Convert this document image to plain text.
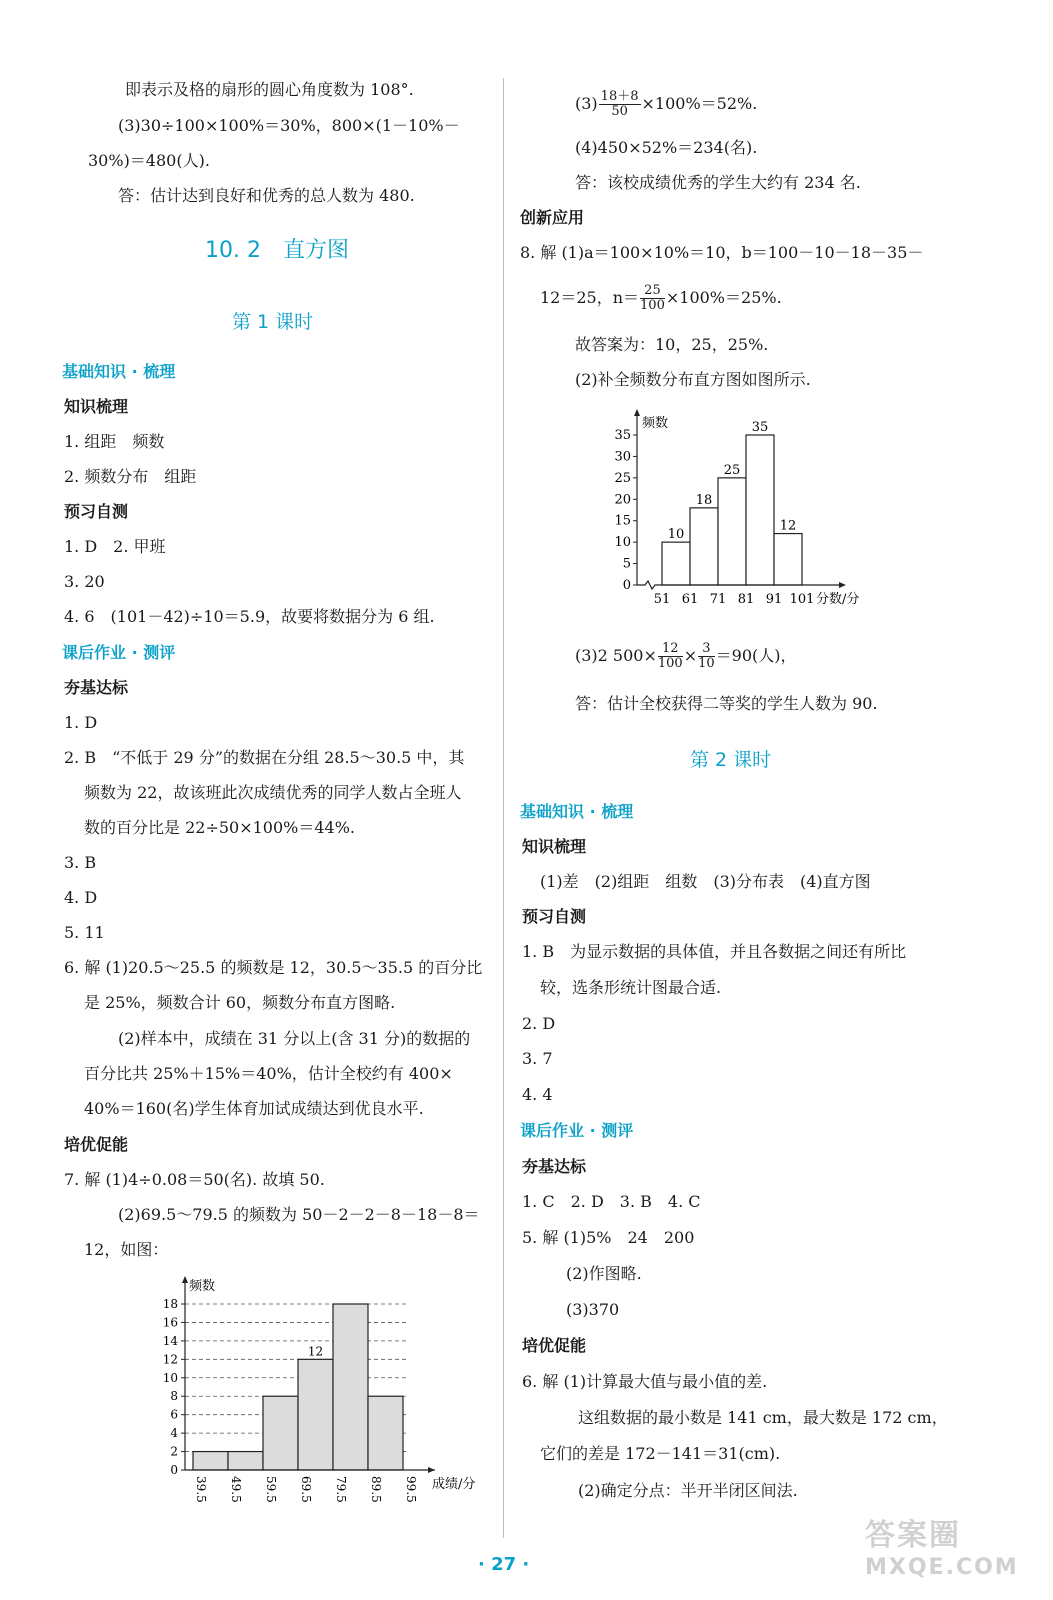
即表示及格的扇形的圆心角度数为 108°.
(3)30÷100×100%＝30%，800×(1－10%－
30%)＝480(人).
答：估计达到良好和优秀的总人数为 480.
10. 2　直方图
第 1 课时
基础知识 · 梳理
知识梳理
1. 组距　频数
2. 频数分布　组距
预习自测
1. D　2. 甲班
3. 20
4. 6　(101－42)÷10＝5.9，故要将数据分为 6 组.
课后作业 · 测评
夯基达标
1. D
2. B　“不低于 29 分”的数据在分组 28.5～30.5 中，其
频数为 22，故该班此次成绩优秀的同学人数占全班人
数的百分比是 22÷50×100%＝44%.
3. B
4. D
5. 11
6. 解 (1)20.5～25.5 的频数是 12，30.5～35.5 的百分比
是 25%，频数合计 60，频数分布直方图略.
(2)样本中，成绩在 31 分以上(含 31 分)的数据的
百分比共 25%＋15%＝40%，估计全校约有 400×
40%＝160(名)学生体育加试成绩达到优良水平.
培优促能
7. 解 (1)4÷0.08＝50(名). 故填 50.
(2)69.5～79.5 的频数为 50－2－2－8－18－8＝
12，如图：
0
2
4
6
8
10
12
14
16
18
12
频数
成绩/分
39.5 49.5 59.5 69.5 79.5 89.5 99.5
$(3) \frac{18+8}{50} \times 100\%=52\%$.
(4)450×52%＝234(名).
答：该校成绩优秀的学生大约有 234 名.
创新应用
8. 解 (1)a＝100×10%＝10，b＝100－10－18－35－
12＝25，$n= \frac{25}{100} \times 100\%=25\%$.
故答案为：10，25，25%.
(2)补全频数分布直方图如图所示.
0
5
10
15
20
25
30
35
10
18
25
35
12
51 61 71 81 91 101
频数
分数/分
(3)2 $500\times \frac{12}{100} \times \frac{3}{10} =90$(人)，
答：估计全校获得二等奖的学生人数为 90.
第 2 课时
基础知识 · 梳理
知识梳理
(1)差　(2)组距　组数　(3)分布表　(4)直方图
预习自测
1. B　为显示数据的具体值，并且各数据之间还有所比
较，选条形统计图最合适.
2. D
3. 7
4. 4
课后作业 · 测评
夯基达标
1. C　2. D　3. B　4. C
5. 解 (1)5%　24　200
(2)作图略.
(3)370
培优促能
6. 解 (1)计算最大值与最小值的差.
这组数据的最小数是 141 cm，最大数是 172 cm，
它们的差是 172－141＝31(cm).
(2)确定分点：半开半闭区间法.
· 27 ·
答案圈
MXQE.COM
